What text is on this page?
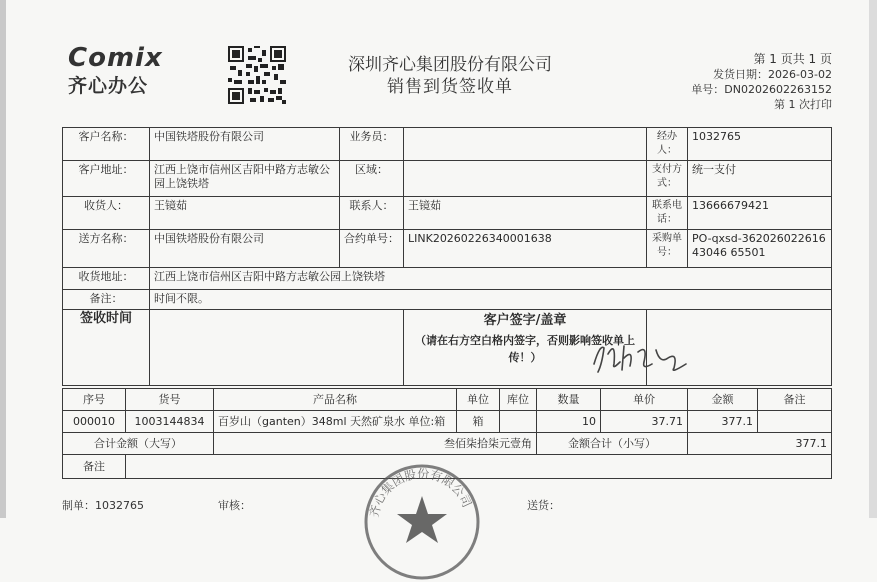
Comix
齐心办公
深圳齐心集团股份有限公司
销售到货签收单
第 1 页共 1 页
发货日期：2026-03-02
单号：DN0202602263152
第 1 次打印
客户名称：	中国铁塔股份有限公司	业务员：		经办人：	1032765
客户地址：	江西上饶市信州区吉阳中路方志敏公园上饶铁塔	区域：		支付方式：	统一支付
收货人：	王镜茹	联系人：	王镜茹	联系电话：	13666679421
送方名称：	中国铁塔股份有限公司	合约单号：	LINK20260226340001638	采购单号：	PO-qxsd-36202602261643046 65501
收货地址：	江西上饶市信州区吉阳中路方志敏公园上饶铁塔				
备注：	时间不限。				
签收时间			客户签字/盖章
（请在右方空白格内签字，否则影响签收单上传！）		

序号	货号	产品名称	单位	库位	数量	单价	金额	备注
000010	1003144834	百岁山（ganten）348ml 天然矿泉水 单位:箱	箱		10	37.71	377.1	
合计金额（大写）		叁佰柒拾柒元壹角			金额合计（小写）		377.1	
备注								
制单：1032765	审核：	送货：
齐心集团股份有限公司
